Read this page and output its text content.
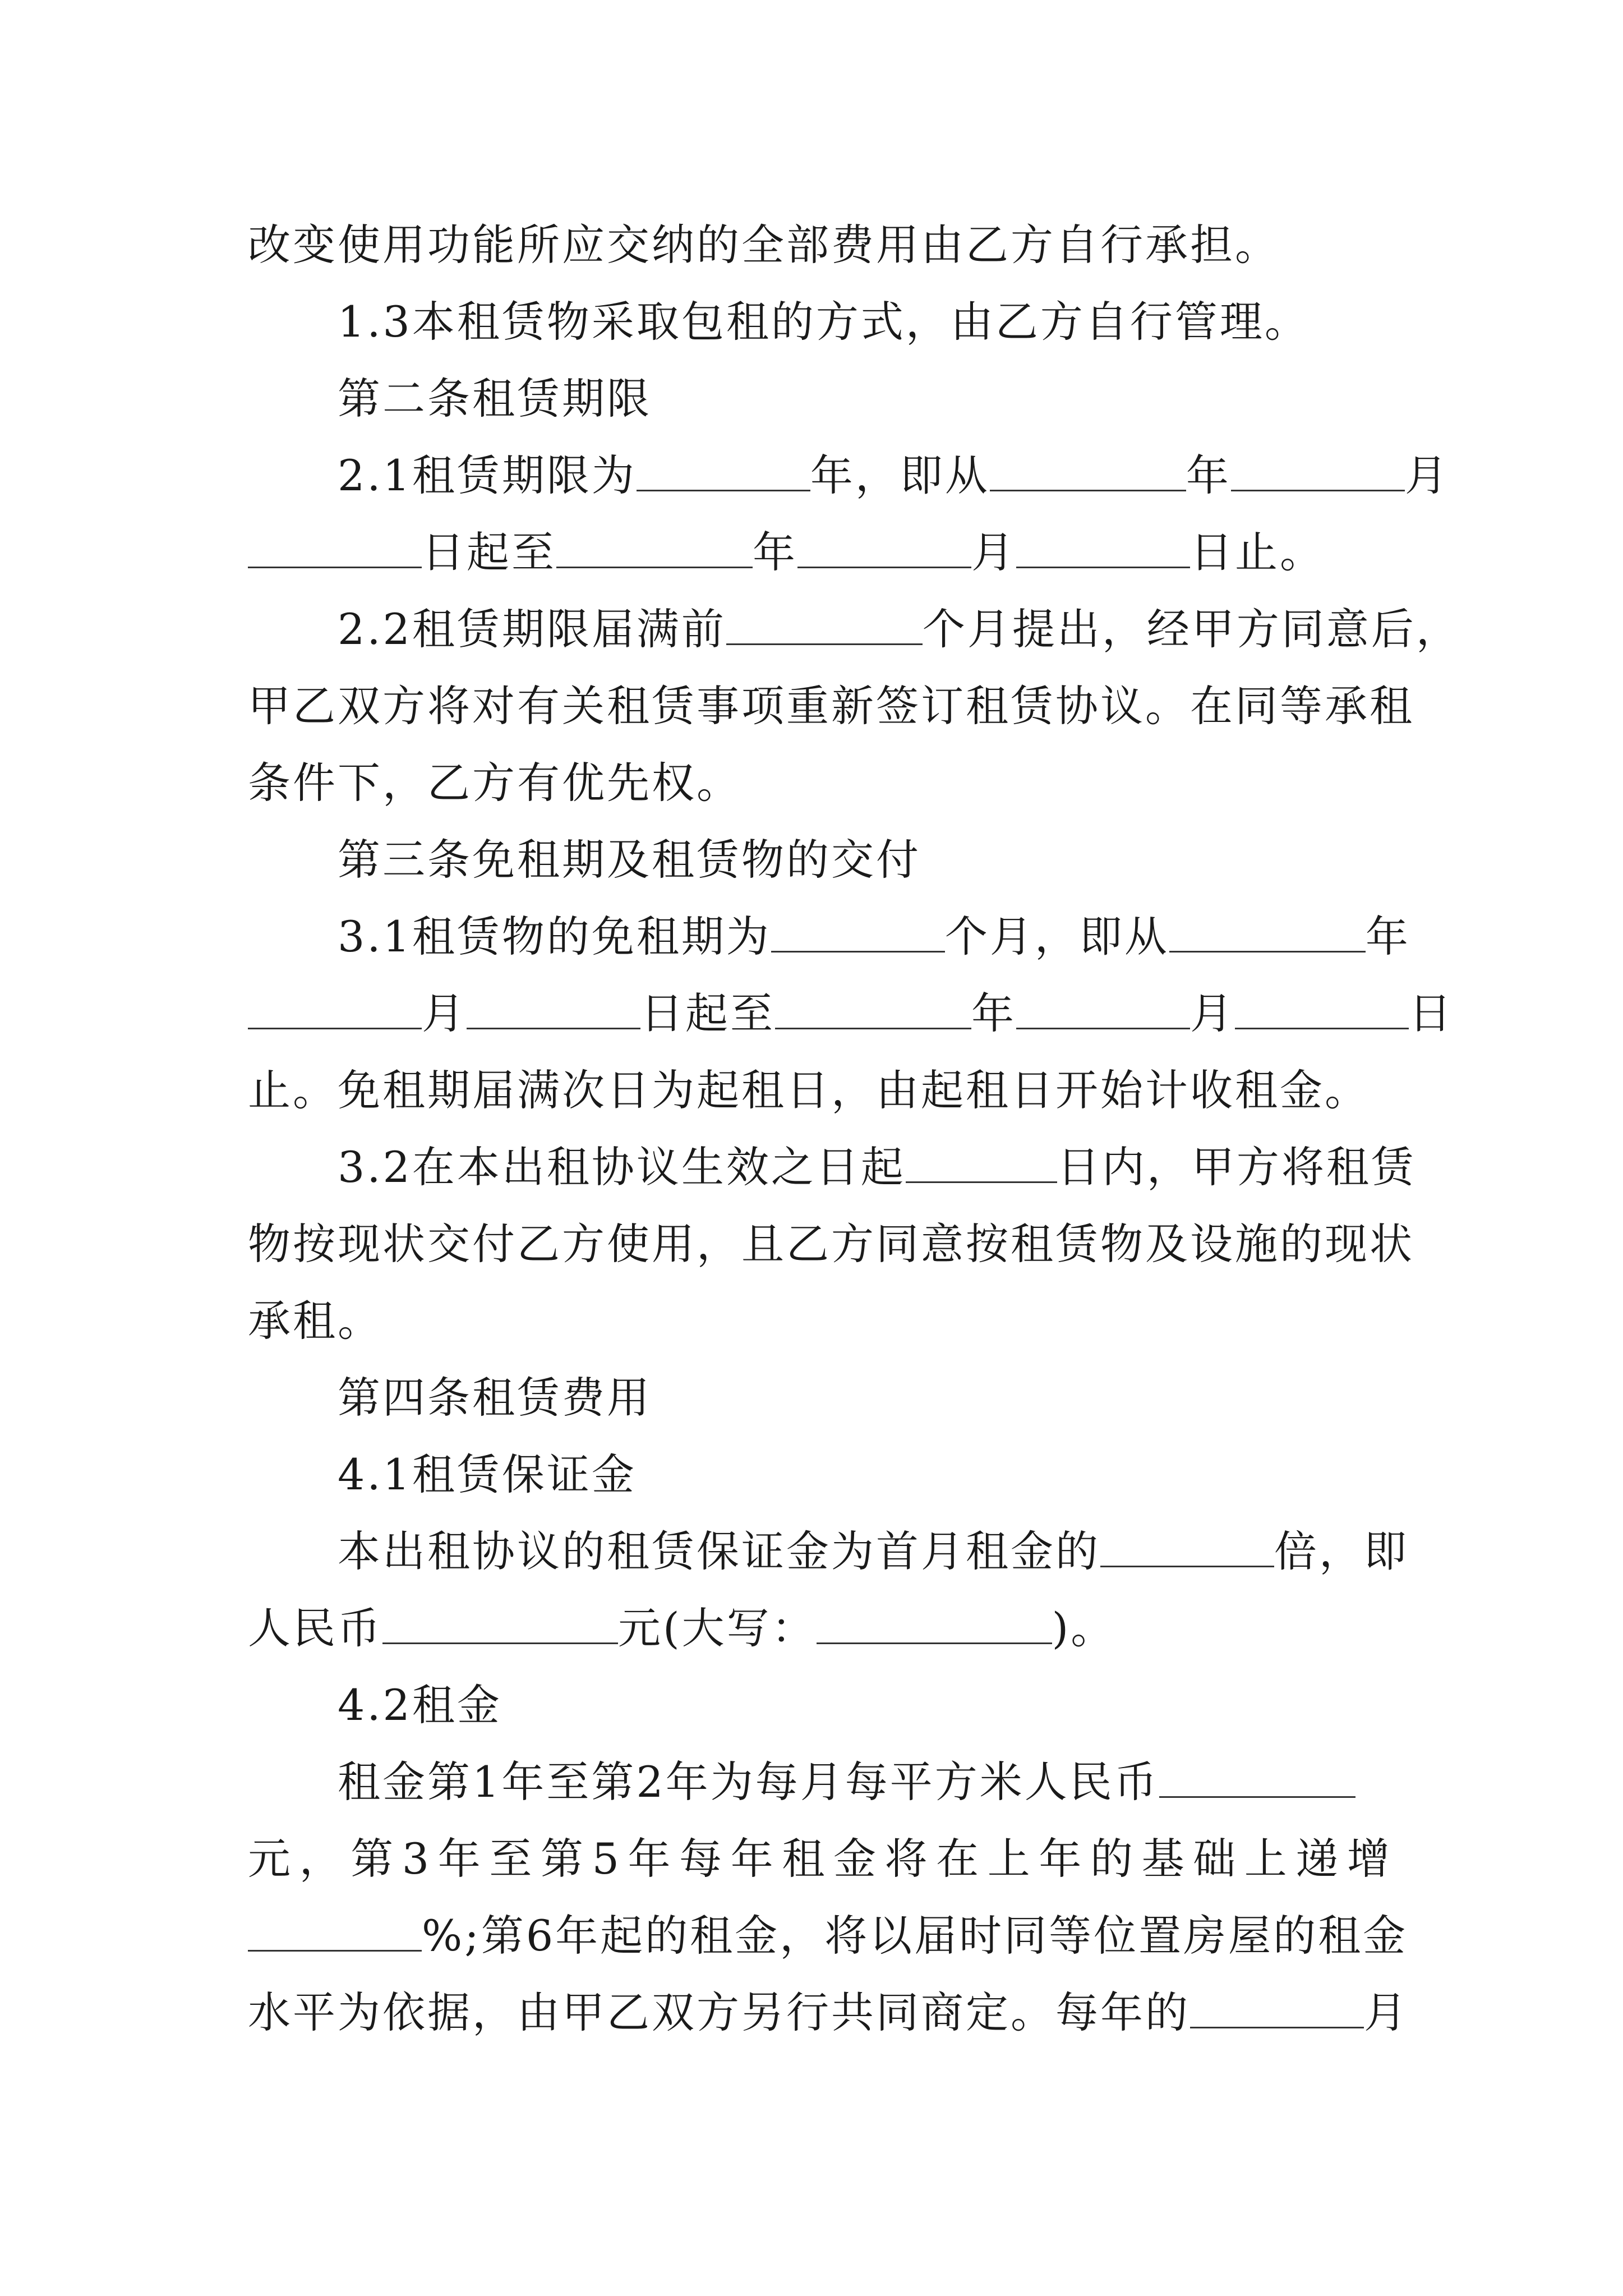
改变使用功能所应交纳的全部费用由乙方自行承担。
1.3本租赁物采取包租的方式，由乙方自行管理。
第二条租赁期限
2.1租赁期限为	年，即从	年	月
日起至	年	月	日止。
2.2租赁期限届满前	个月提出，经甲方同意后，
甲乙双方将对有关租赁事项重新签订租赁协议。在同等承租
条件下，乙方有优先权。
第三条免租期及租赁物的交付
3.1租赁物的免租期为	个月，即从	年
月	日起至	年	月	日
止。免租期届满次日为起租日，由起租日开始计收租金。
3.2在本出租协议生效之日起	日内，甲方将租赁
物按现状交付乙方使用，且乙方同意按租赁物及设施的现状
承租。
第四条租赁费用
4.1租赁保证金
本出租协议的租赁保证金为首月租金的	倍，即
人民币	元(大写：	)。
4.2租金
租金第1年至第2年为每月每平方米人民币
元，第3年至第5年每年租金将在上年的基础上递增
%;第6年起的租金，将以届时同等位置房屋的租金
水平为依据，由甲乙双方另行共同商定。每年的	月
